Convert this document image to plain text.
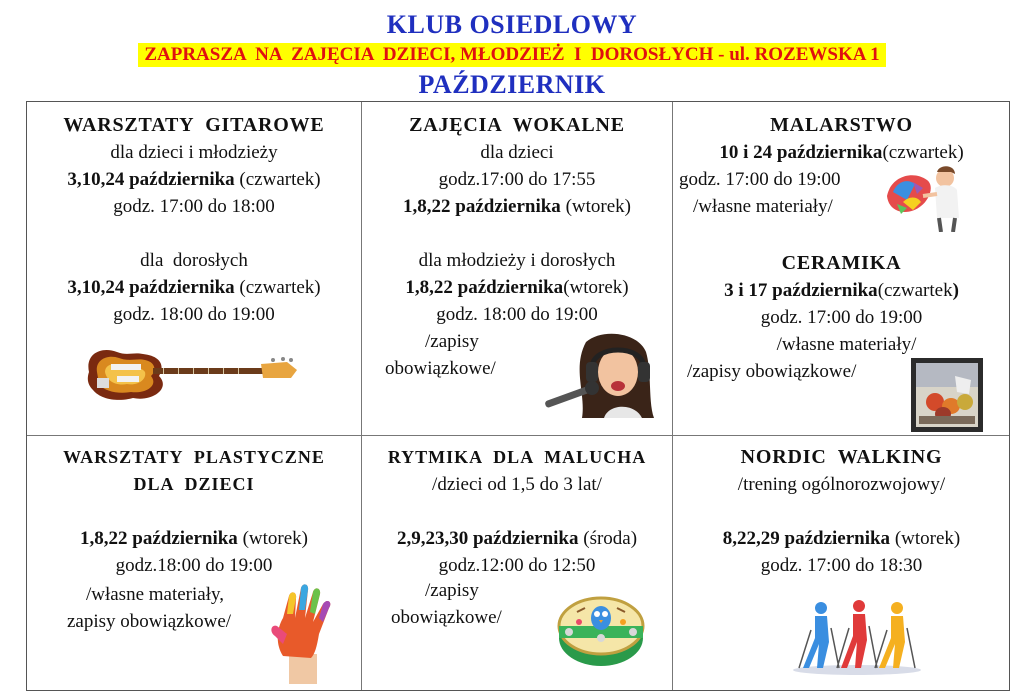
KLUB OSIEDLOWY
ZAPRASZA  NA  ZAJĘCIA  DZIECI, MŁODZIEŻ  I  DOROSŁYCH - ul. ROZEWSKA 1
PAŹDZIERNIK
WARSZTATY  GITAROWE
dla dzieci i młodzieży
3,10,24 października (czwartek)
godz. 17:00 do 18:00
dla  dorosłych
3,10,24 października (czwartek)
godz. 18:00 do 19:00
ZAJĘCIA  WOKALNE
dla dzieci
godz.17:00 do 17:55
1,8,22 października (wtorek)
dla młodzieży i dorosłych
1,8,22 października(wtorek)
godz. 18:00 do 19:00
/zapisy
obowiązkowe/
MALARSTWO
10 i 24 października(czwartek)
godz. 17:00 do 19:00
/własne materiały/
CERAMIKA
3 i 17 października(czwartek)
godz. 17:00 do 19:00
/własne materiały/
/zapisy obowiązkowe/
WARSZTATY  PLASTYCZNE
DLA  DZIECI
1,8,22 października (wtorek)
godz.18:00 do 19:00
/własne materiały,
zapisy obowiązkowe/
RYTMIKA  DLA  MALUCHA
/dzieci od 1,5 do 3 lat/
2,9,23,30 października (środa)
godz.12:00 do 12:50
/zapisy
obowiązkowe/
NORDIC  WALKING
/trening ogólnorozwojowy/
8,22,29 października (wtorek)
godz. 17:00 do 18:30
